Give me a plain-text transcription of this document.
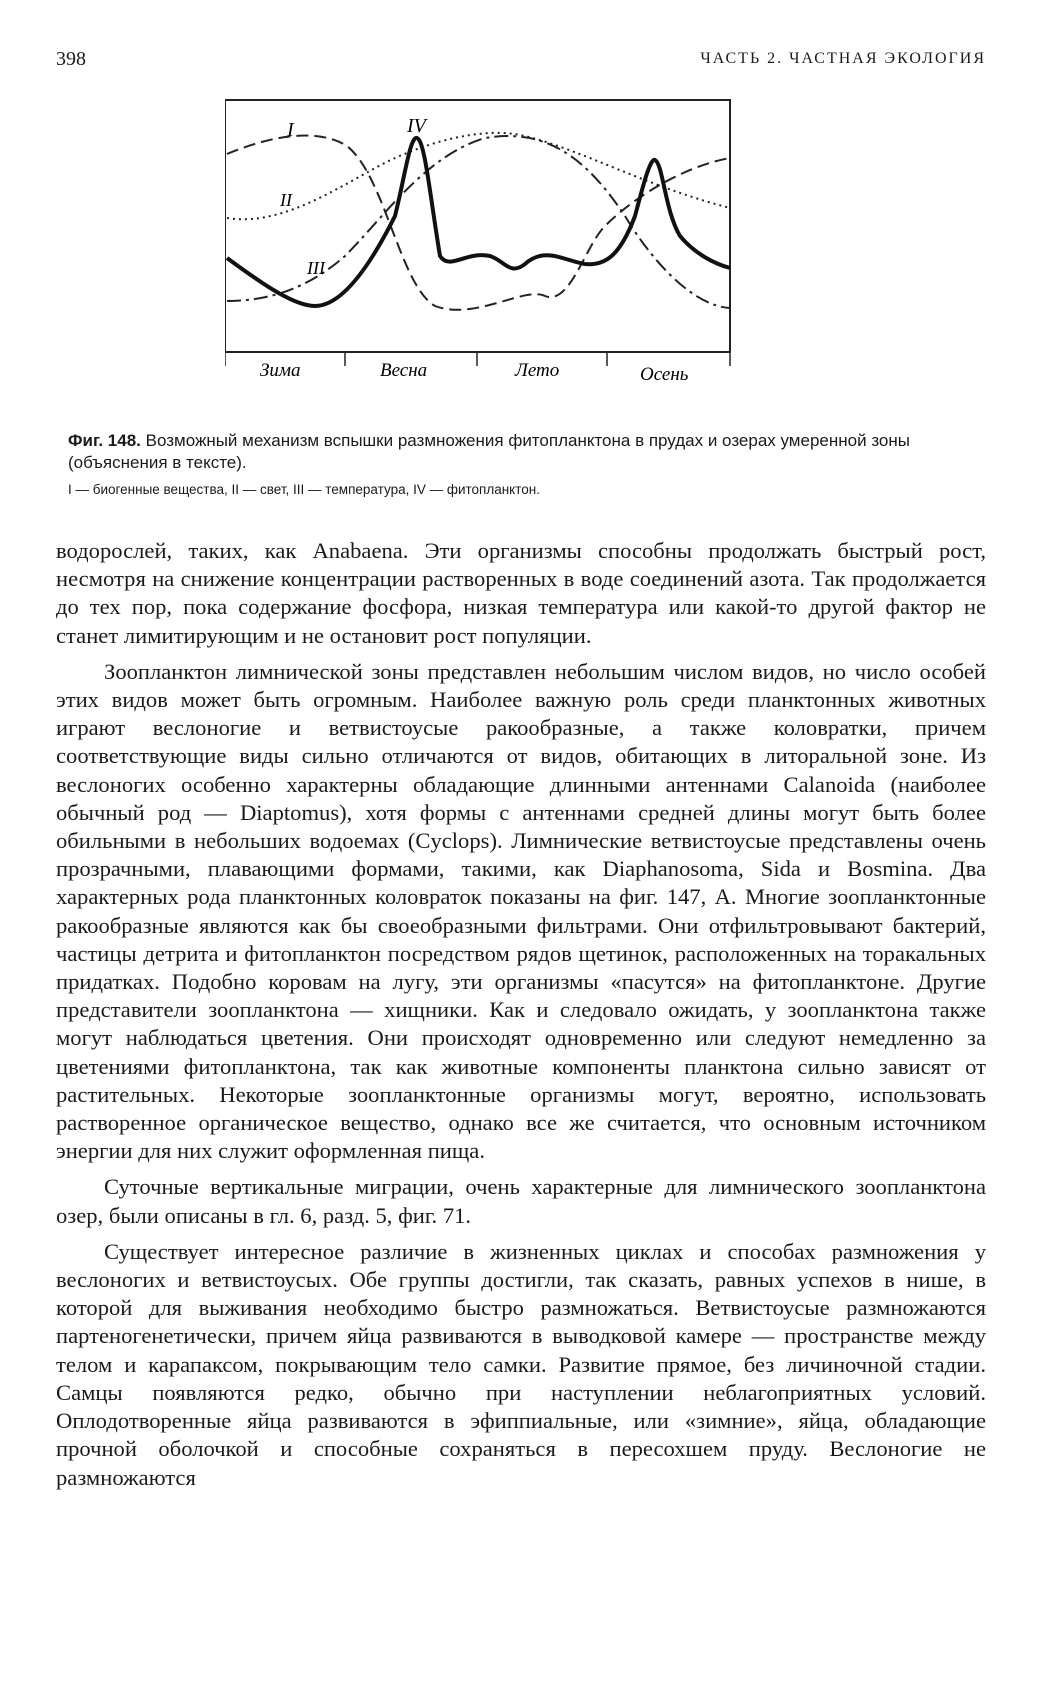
398	ЧАСТЬ 2. ЧАСТНАЯ ЭКОЛОГИЯ
I
II
III
IV
Зима	Весна	Лето	Осень
Фиг. 148. Возможный механизм вспышки размножения фитопланктона в прудах и озерах умеренной зоны (объяснения в тексте).
I — биогенные вещества, II — свет, III — температура, IV — фитопланктон.

водорослей, таких, как Anabaena. Эти организмы способны продолжать быстрый рост, несмотря на снижение концентрации растворенных в воде соединений азота. Так продолжается до тех пор, пока содержание фосфора, низкая температура или какой-то другой фактор не станет лимитирующим и не остановит рост популяции.

Зоопланктон лимнической зоны представлен небольшим числом видов, но число особей этих видов может быть огромным. Наиболее важную роль среди планктонных животных играют веслоногие и ветвистоусые ракообразные, а также коловратки, причем соответствующие виды сильно отличаются от видов, обитающих в литоральной зоне. Из веслоногих особенно характерны обладающие длинными антеннами Calanoida (наиболее обычный род — Diaptomus), хотя формы с антеннами средней длины могут быть более обильными в небольших водоемах (Cyclops). Лимнические ветвистоусые представлены очень прозрачными, плавающими формами, такими, как Diaphanosoma, Sida и Bosmina. Два характерных рода планктонных коловраток показаны на фиг. 147, А. Многие зоопланктонные ракообразные являются как бы своеобразными фильтрами. Они отфильтровывают бактерий, частицы детрита и фитопланктон посредством рядов щетинок, расположенных на торакальных придатках. Подобно коровам на лугу, эти организмы «пасутся» на фитопланктоне. Другие представители зоопланктона — хищники. Как и следовало ожидать, у зоопланктона также могут наблюдаться цветения. Они происходят одновременно или следуют немедленно за цветениями фитопланктона, так как животные компоненты планктона сильно зависят от растительных. Некоторые зоопланктонные организмы могут, вероятно, использовать растворенное органическое вещество, однако все же считается, что основным источником энергии для них служит оформленная пища.

Суточные вертикальные миграции, очень характерные для лимнического зоопланктона озер, были описаны в гл. 6, разд. 5, фиг. 71.

Существует интересное различие в жизненных циклах и способах размножения у веслоногих и ветвистоусых. Обе группы достигли, так сказать, равных успехов в нише, в которой для выживания необходимо быстро размножаться. Ветвистоусые размножаются партеногенетически, причем яйца развиваются в выводковой камере — пространстве между телом и карапаксом, покрывающим тело самки. Развитие прямое, без личиночной стадии. Самцы появляются редко, обычно при наступлении неблагоприятных условий. Оплодотворенные яйца развиваются в эфиппиальные, или «зимние», яйца, обладающие прочной оболочкой и способные сохраняться в пересохшем пруду. Веслоногие не размножаются
